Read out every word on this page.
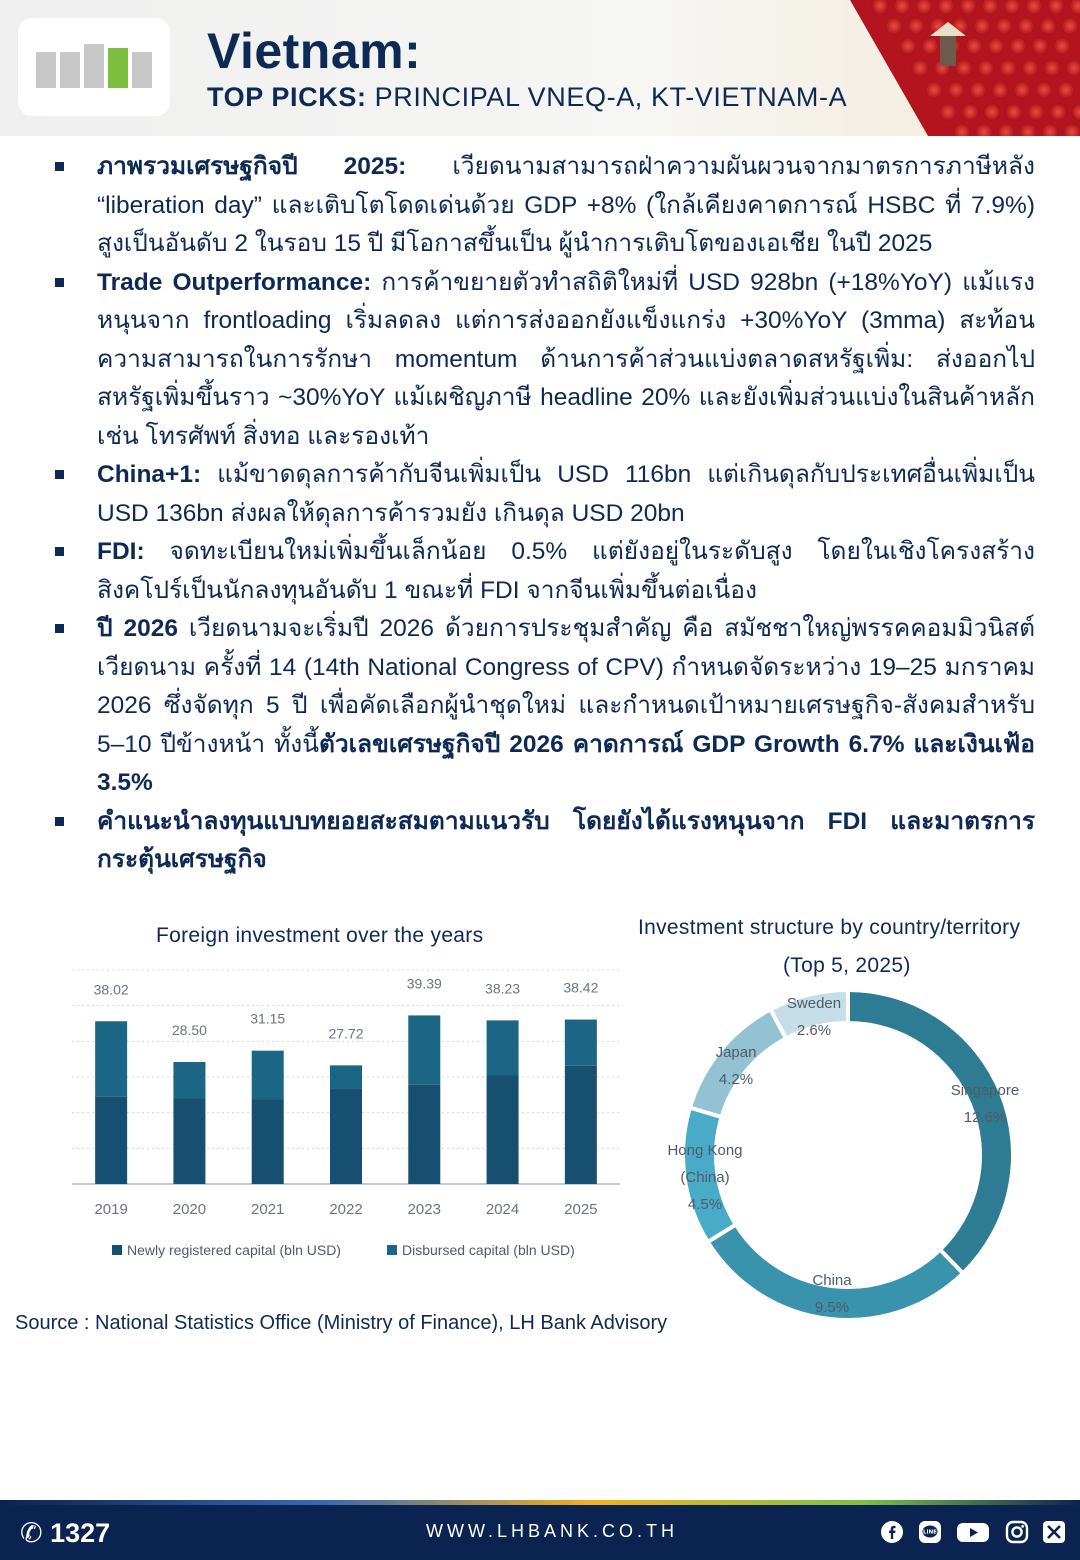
Vietnam:
TOP PICKS: PRINCIPAL VNEQ-A, KT-VIETNAM-A
ภาพรวมเศรษฐกิจปี 2025: เวียดนามสามารถฝ่าความผันผวนจากมาตรการภาษีหลัง “liberation day” และเติบโตโดดเด่นด้วย GDP +8% (ใกล้เคียงคาดการณ์ HSBC ที่ 7.9%) สูงเป็นอันดับ 2 ในรอบ 15 ปี มีโอกาสขึ้นเป็น ผู้นำการเติบโตของเอเชีย ในปี 2025
Trade Outperformance: การค้าขยายตัวทำสถิติใหม่ที่ USD 928bn (+18%YoY) แม้แรงหนุนจาก frontloading เริ่มลดลง แต่การส่งออกยังแข็งแกร่ง +30%YoY (3mma) สะท้อนความสามารถในการรักษา momentum ด้านการค้าส่วนแบ่งตลาดสหรัฐเพิ่ม: ส่งออกไปสหรัฐเพิ่มขึ้นราว ~30%YoY แม้เผชิญภาษี headline 20% และยังเพิ่มส่วนแบ่งในสินค้าหลัก เช่น โทรศัพท์ สิ่งทอ และรองเท้า
China+1: แม้ขาดดุลการค้ากับจีนเพิ่มเป็น USD 116bn แต่เกินดุลกับประเทศอื่นเพิ่มเป็น USD 136bn ส่งผลให้ดุลการค้ารวมยัง เกินดุล USD 20bn
FDI: จดทะเบียนใหม่เพิ่มขึ้นเล็กน้อย 0.5% แต่ยังอยู่ในระดับสูง โดยในเชิงโครงสร้าง สิงคโปร์เป็นนักลงทุนอันดับ 1 ขณะที่ FDI จากจีนเพิ่มขึ้นต่อเนื่อง
ปี 2026 เวียดนามจะเริ่มปี 2026 ด้วยการประชุมสำคัญ คือ สมัชชาใหญ่พรรคคอมมิวนิสต์เวียดนาม ครั้งที่ 14 (14th National Congress of CPV) กำหนดจัดระหว่าง 19–25 มกราคม 2026 ซึ่งจัดทุก 5 ปี เพื่อคัดเลือกผู้นำชุดใหม่ และกำหนดเป้าหมายเศรษฐกิจ-สังคมสำหรับ 5–10 ปีข้างหน้า ทั้งนี้ตัวเลขเศรษฐกิจปี 2026 คาดการณ์ GDP Growth 6.7% และเงินเฟ้อ 3.5%
คำแนะนำลงทุนแบบทยอยสะสมตามแนวรับ โดยยังได้แรงหนุนจาก FDI และมาตรการกระตุ้นเศรษฐกิจ
Foreign investment over the years
38.02
2019
28.50
2020
31.15
2021
27.72
2022
39.39
2023
38.23
2024
38.42
2025
Newly registered capital (bln USD)	Disbursed capital (bln USD)
Investment structure by country/territory
(Top 5, 2025)
Singapore
12.6%
China
9.5%
Hong Kong
(China)
4.5%
Japan
4.2%
Sweden
2.6%
Source : National Statistics Office (Ministry of Finance), LH Bank Advisory
✆ 1327	WWW.LHBANK.CO.TH	LINE
